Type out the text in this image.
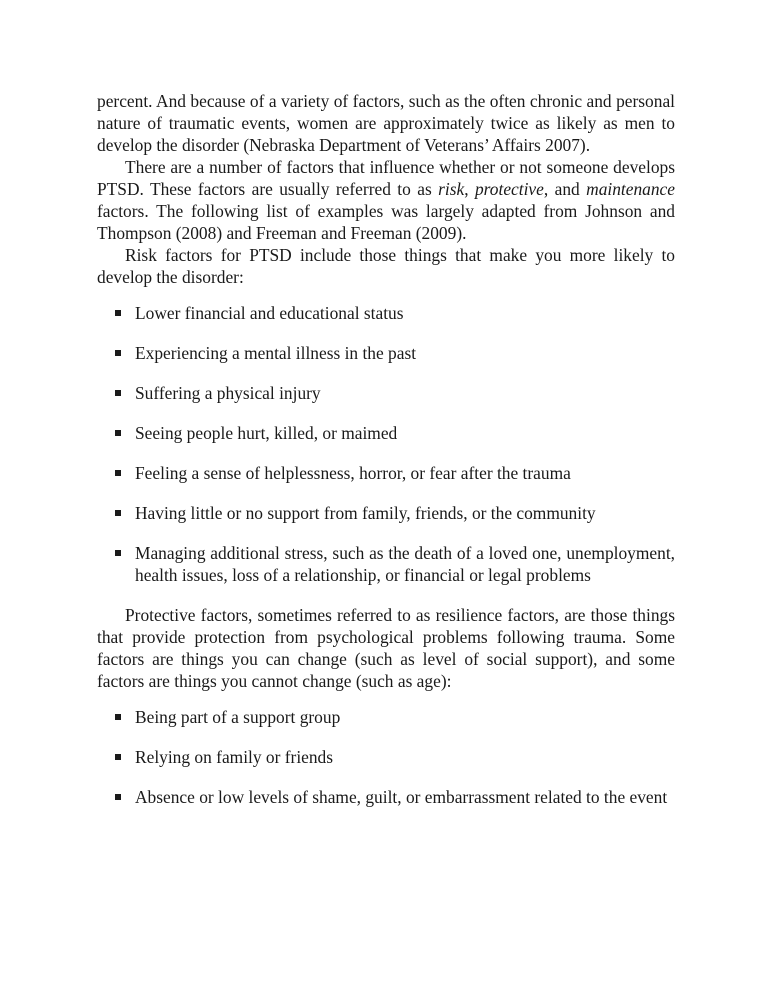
percent. And because of a variety of factors, such as the often chronic and personal nature of traumatic events, women are approximately twice as likely as men to develop the disorder (Nebraska Department of Veterans’ Affairs 2007).

There are a number of factors that influence whether or not someone develops PTSD. These factors are usually referred to as risk, protective, and maintenance factors. The following list of examples was largely adapted from Johnson and Thompson (2008) and Freeman and Freeman (2009).

Risk factors for PTSD include those things that make you more likely to develop the disorder:

Lower financial and educational status
Experiencing a mental illness in the past
Suffering a physical injury
Seeing people hurt, killed, or maimed
Feeling a sense of helplessness, horror, or fear after the trauma
Having little or no support from family, friends, or the community
Managing additional stress, such as the death of a loved one, unemployment, health issues, loss of a relationship, or financial or legal problems

Protective factors, sometimes referred to as resilience factors, are those things that provide protection from psychological problems following trauma. Some factors are things you can change (such as level of social support), and some factors are things you cannot change (such as age):

Being part of a support group
Relying on family or friends
Absence or low levels of shame, guilt, or embarrassment related to the event
